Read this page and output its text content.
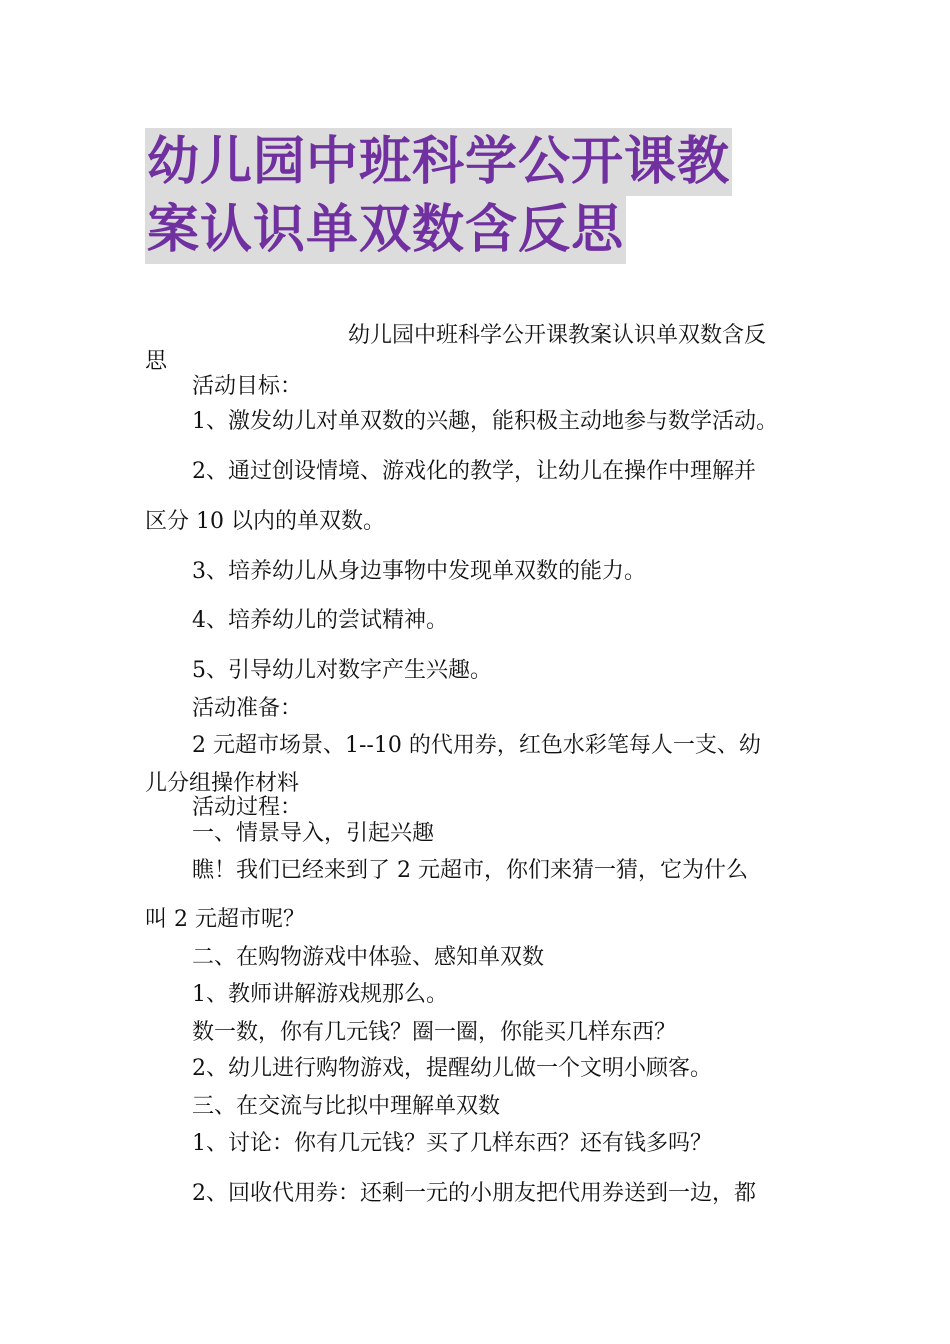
幼儿园中班科学公开课教
案认识单双数含反思
幼儿园中班科学公开课教案认识单双数含反
思
活动目标：
1、激发幼儿对单双数的兴趣，能积极主动地参与数学活动。
2、通过创设情境、游戏化的教学，让幼儿在操作中理解并
区分 10 以内的单双数。
3、培养幼儿从身边事物中发现单双数的能力。
4、培养幼儿的尝试精神。
5、引导幼儿对数字产生兴趣。
活动准备：
2 元超市场景、1--10 的代用券，红色水彩笔每人一支、幼
儿分组操作材料
活动过程：
一、情景导入，引起兴趣
瞧！我们已经来到了 2 元超市，你们来猜一猜，它为什么
叫 2 元超市呢？
二、在购物游戏中体验、感知单双数
1、教师讲解游戏规那么。
数一数，你有几元钱？圈一圈，你能买几样东西？
2、幼儿进行购物游戏，提醒幼儿做一个文明小顾客。
三、在交流与比拟中理解单双数
1、讨论：你有几元钱？买了几样东西？还有钱多吗？
2、回收代用券：还剩一元的小朋友把代用券送到一边，都
